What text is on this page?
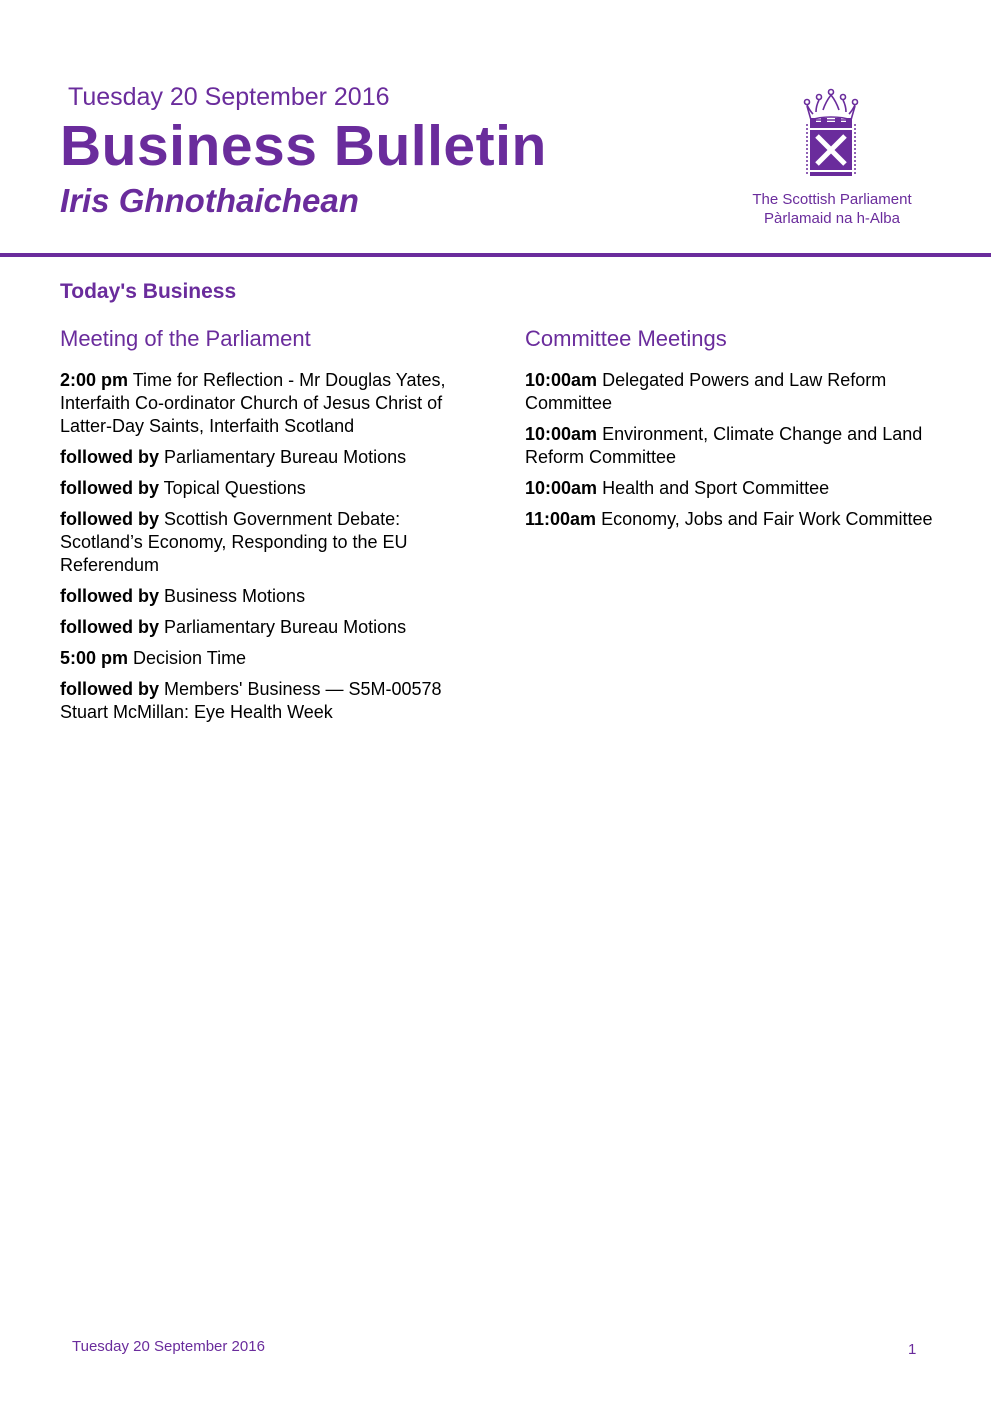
Tuesday 20 September 2016
Business Bulletin
Iris Ghnothaichean	The Scottish Parliament
Pàrlamaid na h-Alba
Today's Business
Meeting of the Parliament
2:00 pm Time for Reflection - Mr Douglas Yates, Interfaith Co-ordinator Church of Jesus Christ of Latter-Day Saints, Interfaith Scotland
followed by Parliamentary Bureau Motions
followed by Topical Questions
followed by Scottish Government Debate: Scotland’s Economy, Responding to the EU Referendum
followed by Business Motions
followed by Parliamentary Bureau Motions
5:00 pm Decision Time
followed by Members' Business — S5M-00578 Stuart McMillan: Eye Health Week
Committee Meetings
10:00am Delegated Powers and Law Reform Committee
10:00am Environment, Climate Change and Land Reform Committee
10:00am Health and Sport Committee
11:00am Economy, Jobs and Fair Work Committee
Tuesday 20 September 2016	1
